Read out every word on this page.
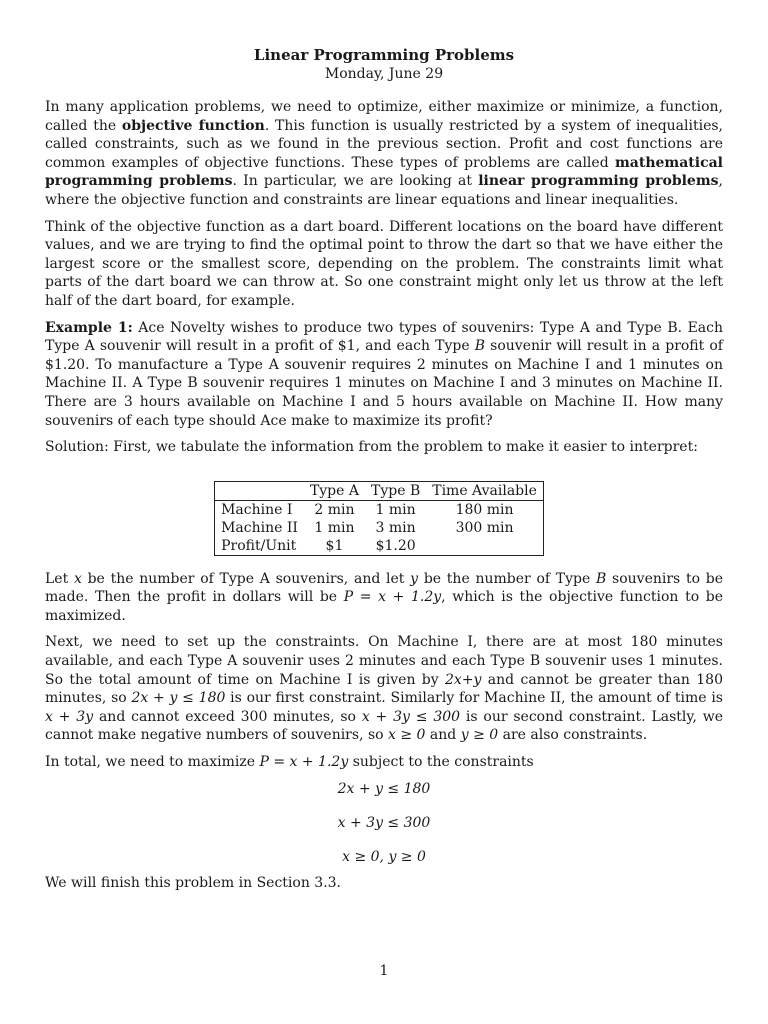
Linear Programming Problems
Monday, June 29

In many application problems, we need to optimize, either maximize or minimize, a function, called the objective function. This function is usually restricted by a system of inequalities, called constraints, such as we found in the previous section. Profit and cost functions are common examples of objective functions. These types of problems are called mathematical programming problems. In particular, we are looking at linear programming problems, where the objective function and constraints are linear equations and linear inequalities.

Think of the objective function as a dart board. Different locations on the board have different values, and we are trying to find the optimal point to throw the dart so that we have either the largest score or the smallest score, depending on the problem. The constraints limit what parts of the dart board we can throw at. So one constraint might only let us throw at the left half of the dart board, for example.

Example 1: Ace Novelty wishes to produce two types of souvenirs: Type A and Type B. Each Type A souvenir will result in a profit of $1, and each Type B souvenir will result in a profit of $1.20. To manufacture a Type A souvenir requires 2 minutes on Machine I and 1 minutes on Machine II. A Type B souvenir requires 1 minutes on Machine I and 3 minutes on Machine II. There are 3 hours available on Machine I and 5 hours available on Machine II. How many souvenirs of each type should Ace make to maximize its profit?

Solution: First, we tabulate the information from the problem to make it easier to interpret:

	Type A	Type B	Time Available
Machine I	2 min	1 min	180 min
Machine II	1 min	3 min	300 min
Profit/Unit	$1	$1.20	

Let x be the number of Type A souvenirs, and let y be the number of Type B souvenirs to be made. Then the profit in dollars will be P = x + 1.2y, which is the objective function to be maximized.

Next, we need to set up the constraints. On Machine I, there are at most 180 minutes available, and each Type A souvenir uses 2 minutes and each Type B souvenir uses 1 minutes. So the total amount of time on Machine I is given by 2x+y and cannot be greater than 180 minutes, so 2x + y ≤ 180 is our first constraint. Similarly for Machine II, the amount of time is x + 3y and cannot exceed 300 minutes, so x + 3y ≤ 300 is our second constraint. Lastly, we cannot make negative numbers of souvenirs, so x ≥ 0 and y ≥ 0 are also constraints.

In total, we need to maximize P = x + 1.2y subject to the constraints

2x + y ≤ 180
x + 3y ≤ 300
x ≥ 0, y ≥ 0

We will finish this problem in Section 3.3.

1
